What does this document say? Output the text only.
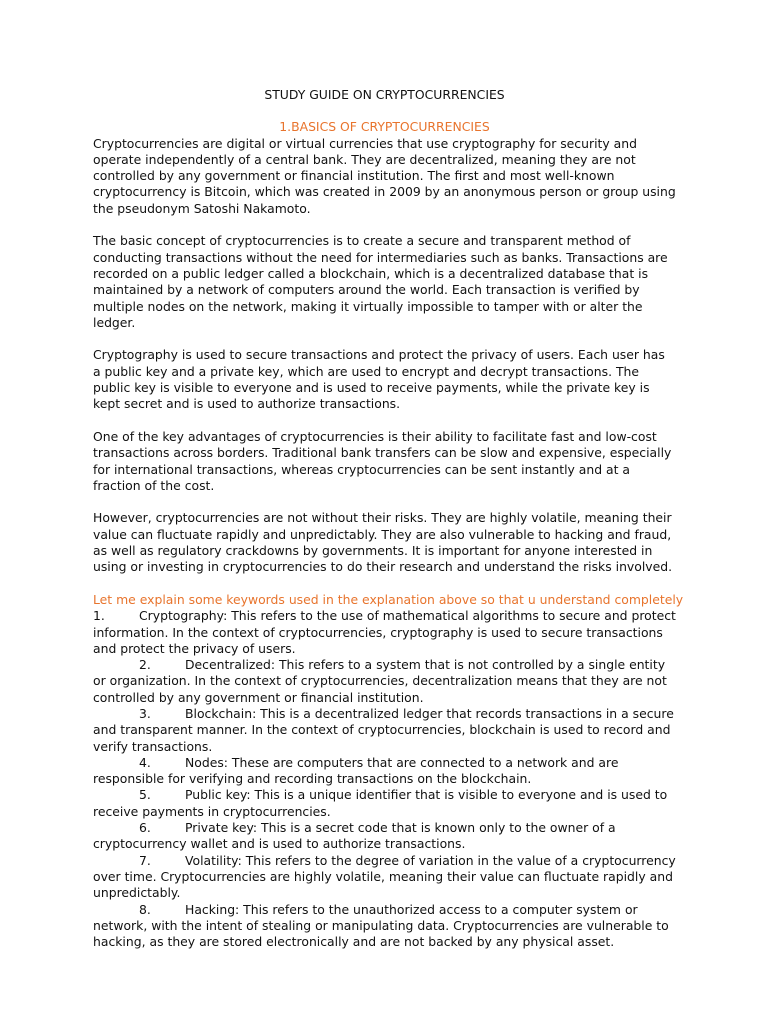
STUDY GUIDE ON CRYPTOCURRENCIES
1.BASICS OF CRYPTOCURRENCIES

Cryptocurrencies are digital or virtual currencies that use cryptography for security and operate independently of a central bank. They are decentralized, meaning they are not controlled by any government or financial institution. The first and most well-known cryptocurrency is Bitcoin, which was created in 2009 by an anonymous person or group using the pseudonym Satoshi Nakamoto.

The basic concept of cryptocurrencies is to create a secure and transparent method of conducting transactions without the need for intermediaries such as banks. Transactions are recorded on a public ledger called a blockchain, which is a decentralized database that is maintained by a network of computers around the world. Each transaction is verified by multiple nodes on the network, making it virtually impossible to tamper with or alter the ledger.

Cryptography is used to secure transactions and protect the privacy of users. Each user has a public key and a private key, which are used to encrypt and decrypt transactions. The public key is visible to everyone and is used to receive payments, while the private key is kept secret and is used to authorize transactions.

One of the key advantages of cryptocurrencies is their ability to facilitate fast and low-cost transactions across borders. Traditional bank transfers can be slow and expensive, especially for international transactions, whereas cryptocurrencies can be sent instantly and at a fraction of the cost.

However, cryptocurrencies are not without their risks. They are highly volatile, meaning their value can fluctuate rapidly and unpredictably. They are also vulnerable to hacking and fraud, as well as regulatory crackdowns by governments. It is important for anyone interested in using or investing in cryptocurrencies to do their research and understand the risks involved.

Let me explain some keywords used in the explanation above so that u understand completely
1.	Cryptography: This refers to the use of mathematical algorithms to secure and protect information. In the context of cryptocurrencies, cryptography is used to secure transactions and protect the privacy of users.
2.	Decentralized: This refers to a system that is not controlled by a single entity or organization. In the context of cryptocurrencies, decentralization means that they are not controlled by any government or financial institution.
3.	Blockchain: This is a decentralized ledger that records transactions in a secure and transparent manner. In the context of cryptocurrencies, blockchain is used to record and verify transactions.
4.	Nodes: These are computers that are connected to a network and are responsible for verifying and recording transactions on the blockchain.
5.	Public key: This is a unique identifier that is visible to everyone and is used to receive payments in cryptocurrencies.
6.	Private key: This is a secret code that is known only to the owner of a cryptocurrency wallet and is used to authorize transactions.
7.	Volatility: This refers to the degree of variation in the value of a cryptocurrency over time. Cryptocurrencies are highly volatile, meaning their value can fluctuate rapidly and unpredictably.
8.	Hacking: This refers to the unauthorized access to a computer system or network, with the intent of stealing or manipulating data. Cryptocurrencies are vulnerable to hacking, as they are stored electronically and are not backed by any physical asset.
